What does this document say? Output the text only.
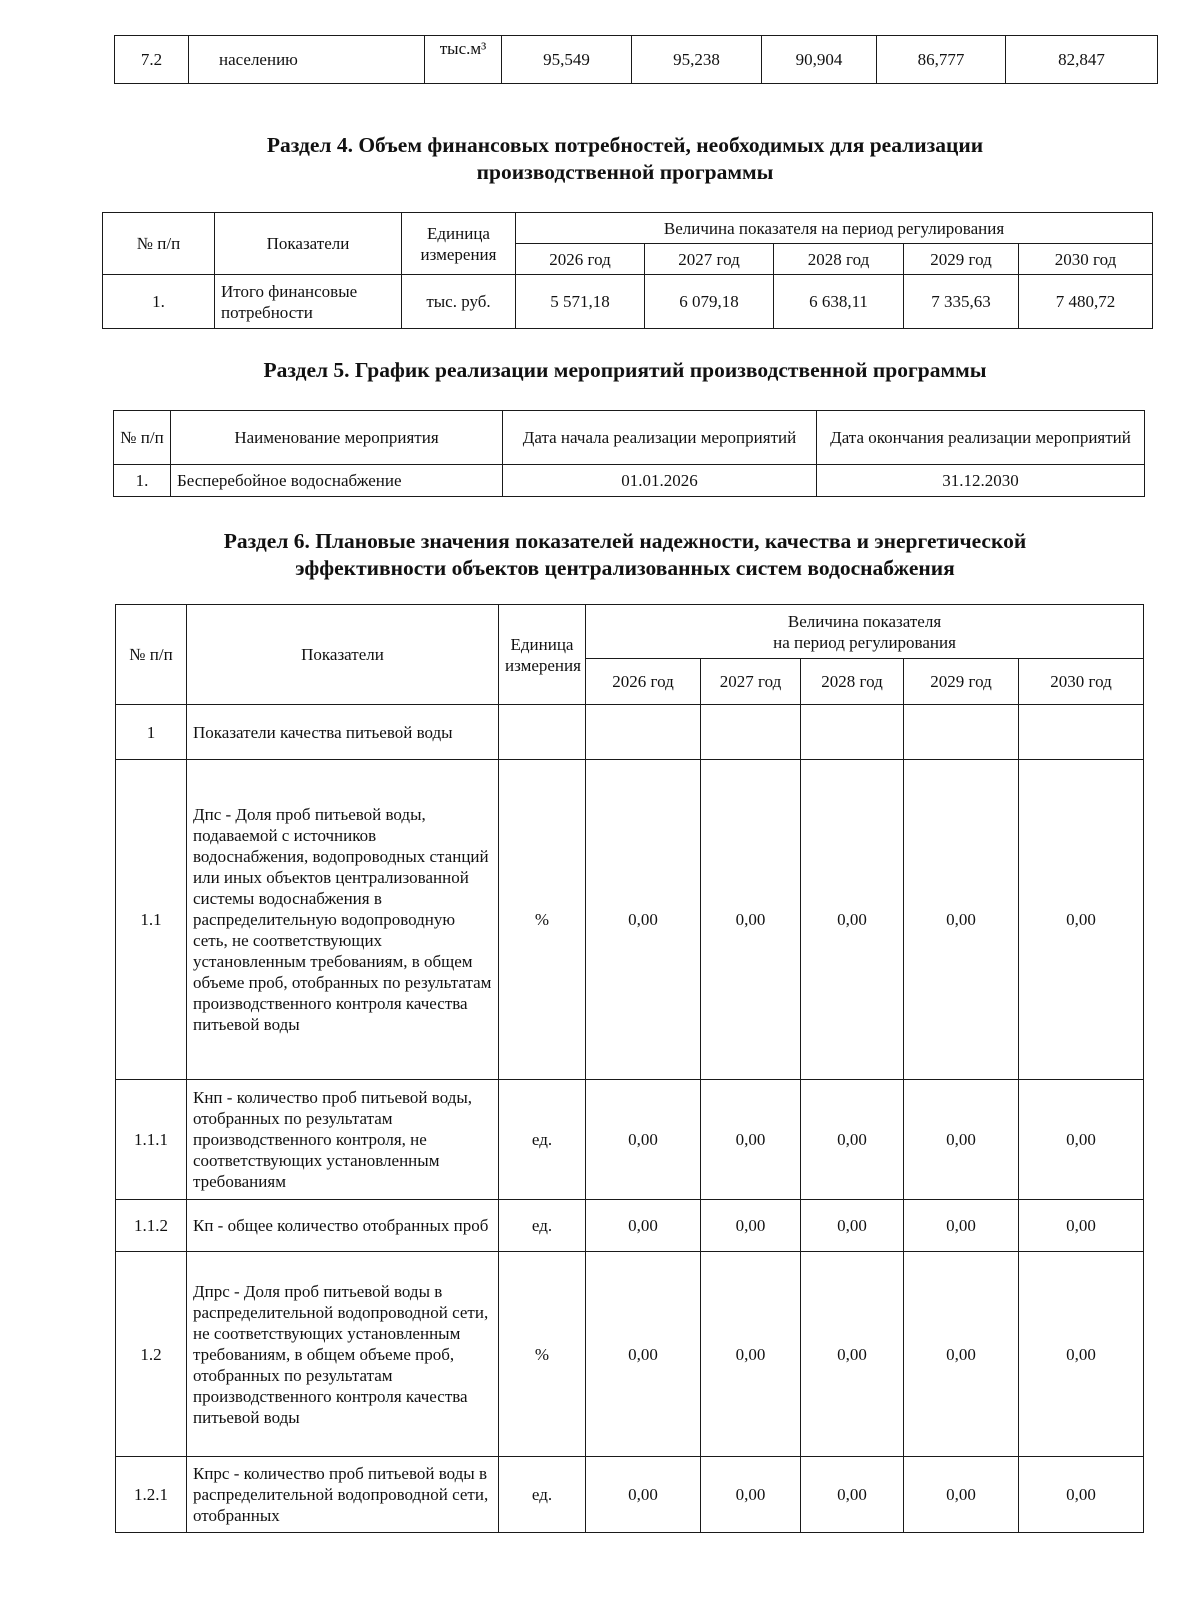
7.2	населению	тыс.м³	95,549	95,238	90,904	86,777	82,847
Раздел 4. Объем финансовых потребностей, необходимых для реализации
производственной программы
№ п/п	Показатели	Единица измерения	Величина показателя на период регулирования				
			2026 год	2027 год	2028 год	2029 год	2030 год
1.	Итого финансовые потребности	тыс. руб.	5 571,18	6 079,18	6 638,11	7 335,63	7 480,72
Раздел 5. График реализации мероприятий производственной программы
№ п/п	Наименование мероприятия	Дата начала реализации мероприятий	Дата окончания реализации мероприятий
1.	Бесперебойное водоснабжение	01.01.2026	31.12.2030
Раздел 6. Плановые значения показателей надежности, качества и энергетической
эффективности объектов централизованных систем водоснабжения
№ п/п	Показатели	Единица измерения	Величина показателя
на период регулирования				
			2026 год	2027 год	2028 год	2029 год	2030 год
1	Показатели качества питьевой воды						
1.1	Дпс - Доля проб питьевой воды, подаваемой с источников водоснабжения, водопроводных станций или иных объектов централизованной системы водоснабжения в распределительную водопроводную сеть, не соответствующих установленным требованиям, в общем объеме проб, отобранных по результатам производственного контроля качества питьевой воды	%	0,00	0,00	0,00	0,00	0,00
1.1.1	Кнп - количество проб питьевой воды, отобранных по результатам производственного контроля, не соответствующих установленным требованиям	ед.	0,00	0,00	0,00	0,00	0,00
1.1.2	Кп - общее количество отобранных проб	ед.	0,00	0,00	0,00	0,00	0,00
1.2	Дпрс - Доля проб питьевой воды в распределительной водопроводной сети, не соответствующих установленным требованиям, в общем объеме проб, отобранных по результатам производственного контроля качества питьевой воды	%	0,00	0,00	0,00	0,00	0,00
1.2.1	Кпрс - количество проб питьевой воды в распределительной водопроводной сети, отобранных	ед.	0,00	0,00	0,00	0,00	0,00
